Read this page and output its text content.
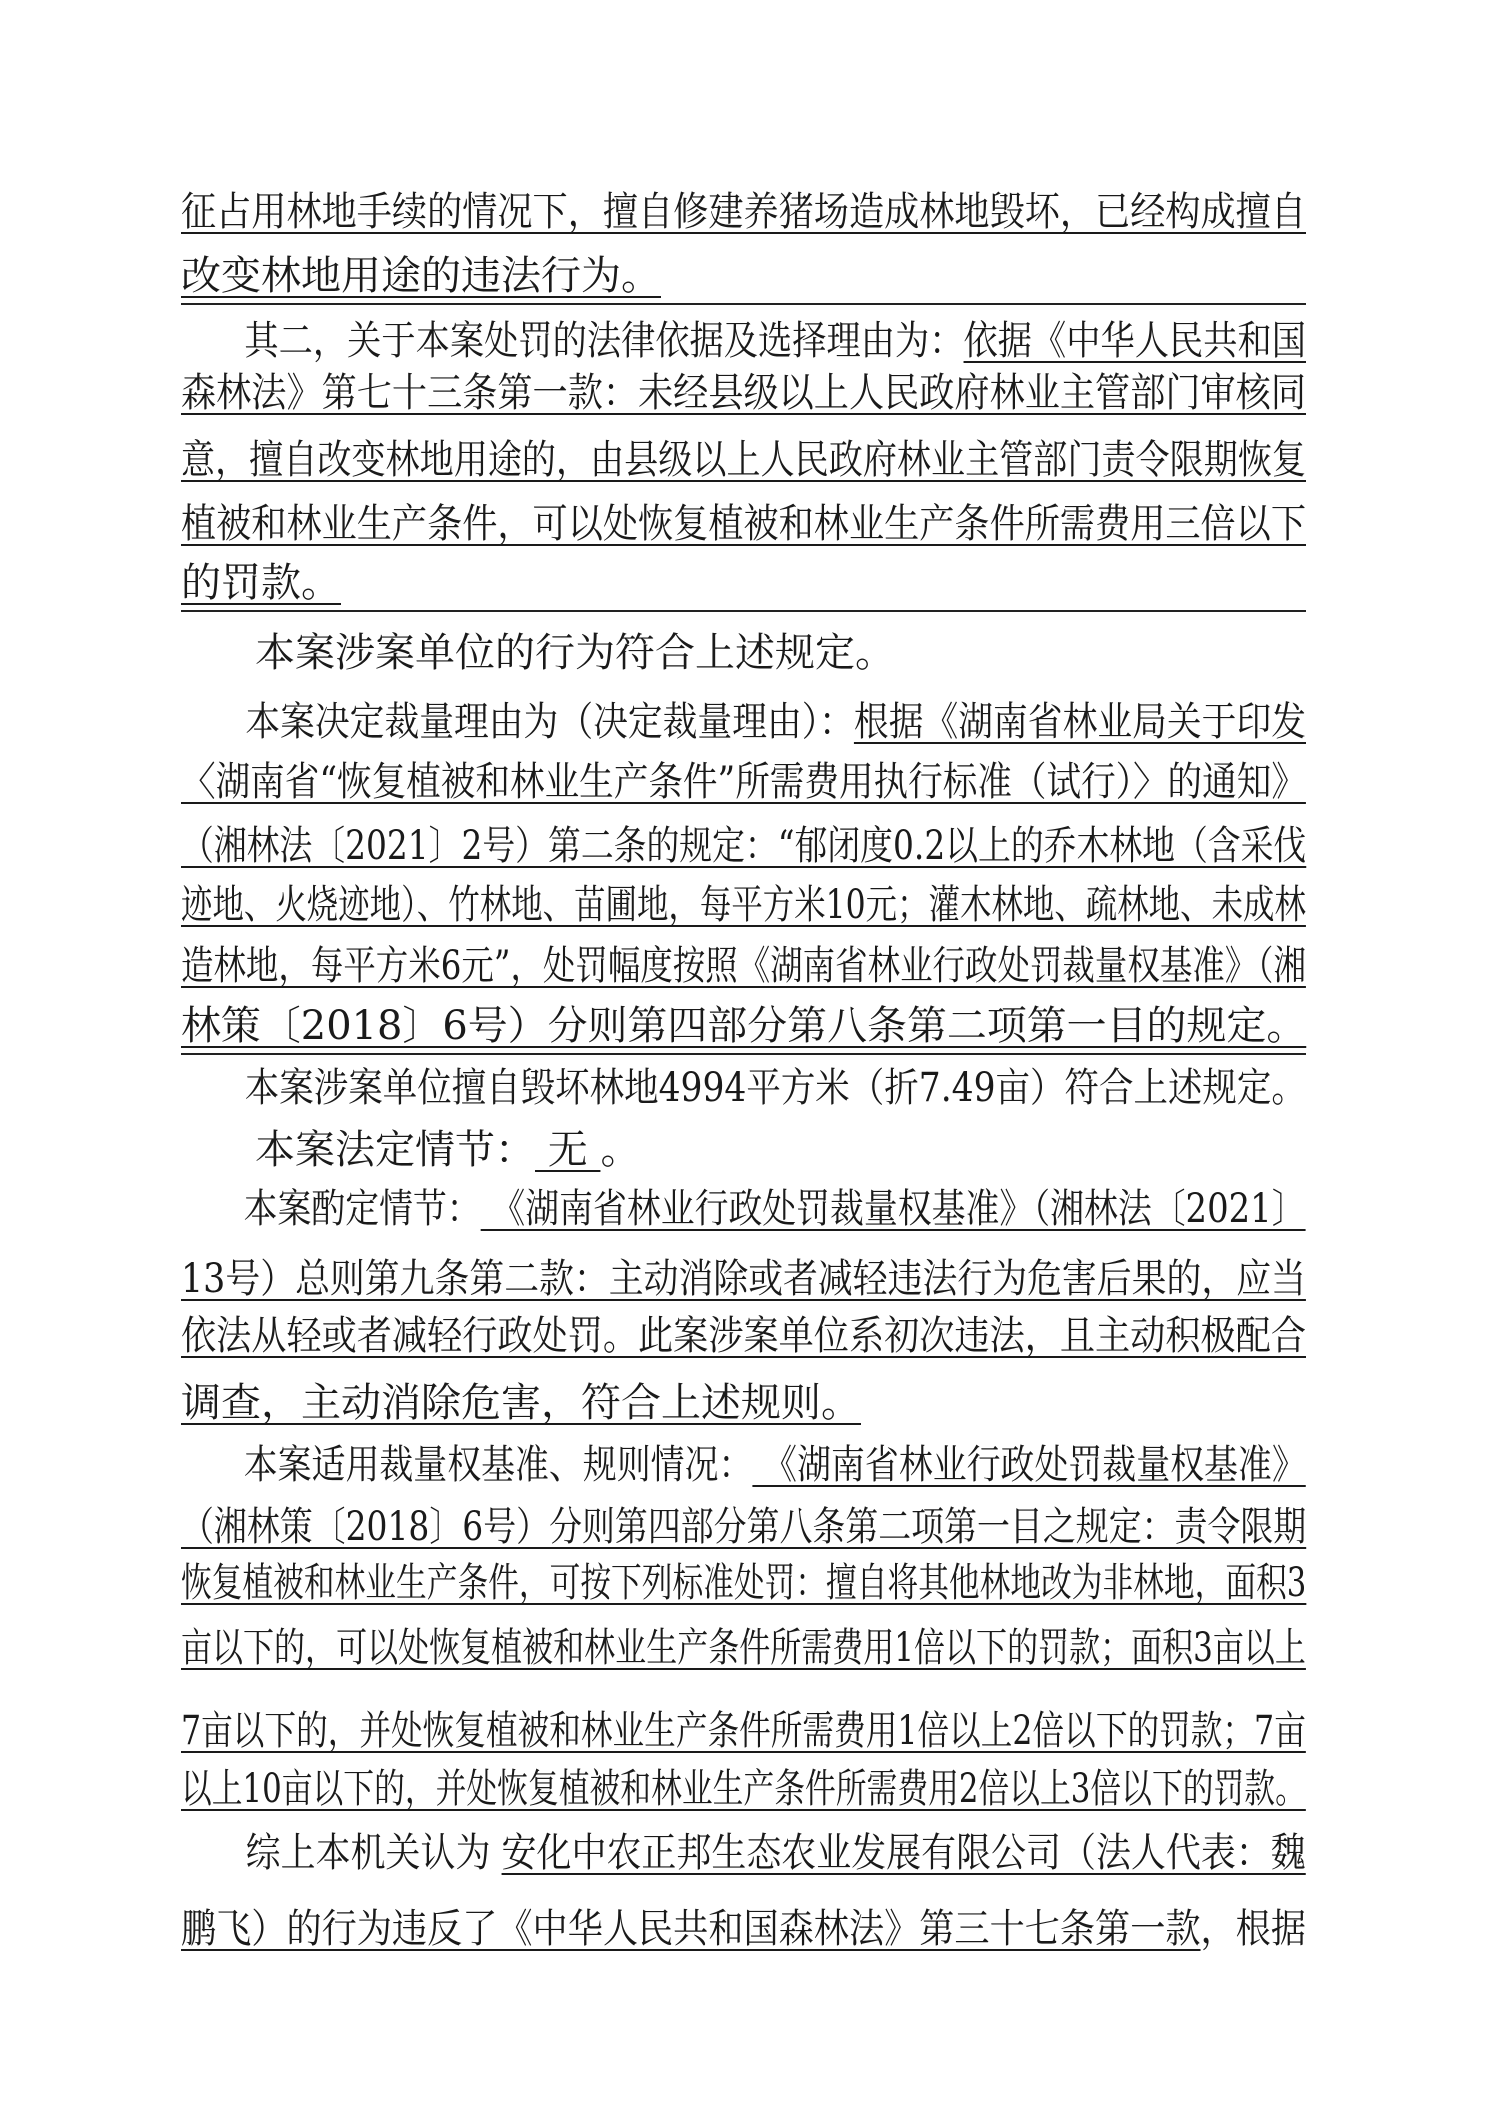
征占用林地手续的情况下，擅自修建养猪场造成林地毁坏，已经构成擅自
改变林地用途的违法行为。
其二，关于本案处罚的法律依据及选择理由为：依据《中华人民共和国
森林法》第七十三条第一款：未经县级以上人民政府林业主管部门审核同
意，擅自改变林地用途的，由县级以上人民政府林业主管部门责令限期恢复
植被和林业生产条件，可以处恢复植被和林业生产条件所需费用三倍以下
的罚款。
本案涉案单位的行为符合上述规定。
本案决定裁量理由为（决定裁量理由）：根据《湖南省林业局关于印发
〈湖南省“恢复植被和林业生产条件”所需费用执行标准（试行）〉的通知》
（湘林法〔2021〕2号）第二条的规定：“郁闭度0.2以上的乔木林地（含采伐
迹地、火烧迹地）、竹林地、苗圃地，每平方米10元；灌木林地、疏林地、未成林
造林地，每平方米6元”，处罚幅度按照《湖南省林业行政处罚裁量权基准》（湘
林策〔2018〕6号）分则第四部分第八条第二项第一目的规定。
本案涉案单位擅自毁坏林地4994平方米（折7.49亩）符合上述规定。
本案法定情节： 无 。
本案酌定情节： 《湖南省林业行政处罚裁量权基准》（湘林法〔2021〕
13号）总则第九条第二款：主动消除或者减轻违法行为危害后果的，应当
依法从轻或者减轻行政处罚。此案涉案单位系初次违法，且主动积极配合
调查，主动消除危害，符合上述规则。
本案适用裁量权基准、规则情况： 《湖南省林业行政处罚裁量权基准》
（湘林策〔2018〕6号）分则第四部分第八条第二项第一目之规定：责令限期
恢复植被和林业生产条件，可按下列标准处罚：擅自将其他林地改为非林地，面积3
亩以下的，可以处恢复植被和林业生产条件所需费用1倍以下的罚款；面积3亩以上
7亩以下的，并处恢复植被和林业生产条件所需费用1倍以上2倍以下的罚款；7亩
以上10亩以下的，并处恢复植被和林业生产条件所需费用2倍以上3倍以下的罚款。
综上本机关认为 安化中农正邦生态农业发展有限公司（法人代表：魏
鹏飞）的行为违反了《中华人民共和国森林法》第三十七条第一款，根据
